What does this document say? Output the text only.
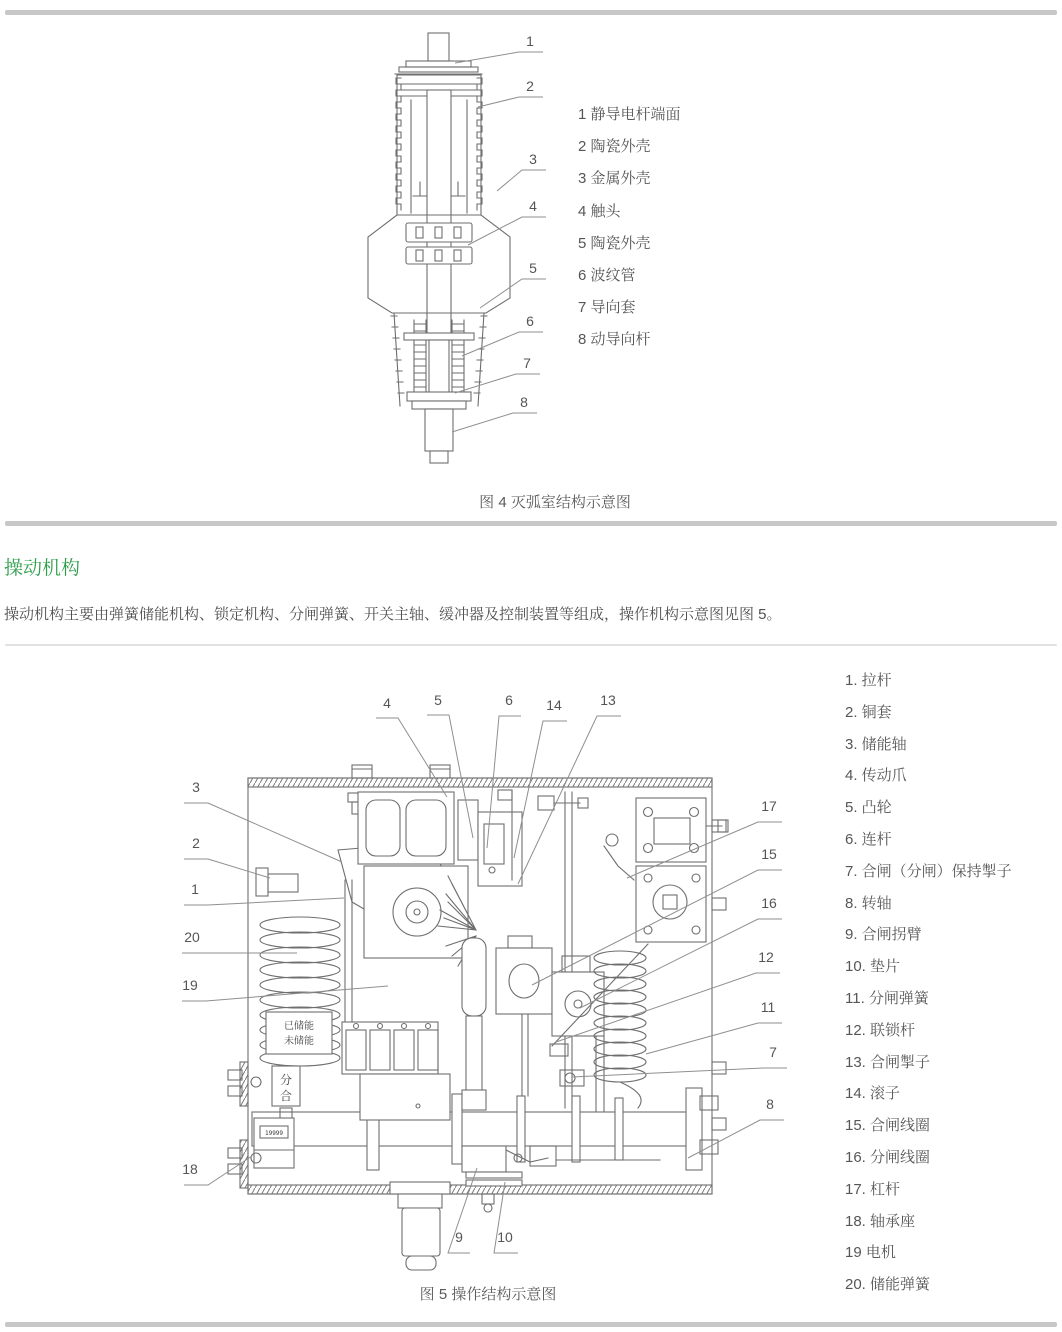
1
2
3
4
5
6
7
8
1 静导电杆端面
2 陶瓷外壳
3 金属外壳
4 触头
5 陶瓷外壳
6 波纹管
7 导向套
8 动导向杆
图 4 灭弧室结构示意图
操动机构

操动机构主要由弹簧储能机构、锁定机构、分闸弹簧、开关主轴、缓冲器及控制装置等组成，操作机构示意图见图 5。

已储能
未储能
分
合
19999
4	5	6 14	13
3
2
1
20
19
18
17
15
16
12
11
7
8
9 10
1. 拉杆
2. 铜套
3. 储能轴
4. 传动爪
5. 凸轮
6. 连杆
7. 合闸（分闸）保持掣子
8. 转轴
9. 合闸拐臂
10. 垫片
11. 分闸弹簧
12. 联锁杆
13. 合闸掣子
14. 滚子
15. 合闸线圈
16. 分闸线圈
17. 杠杆
18. 轴承座
19 电机
20. 储能弹簧
图 5 操作结构示意图
